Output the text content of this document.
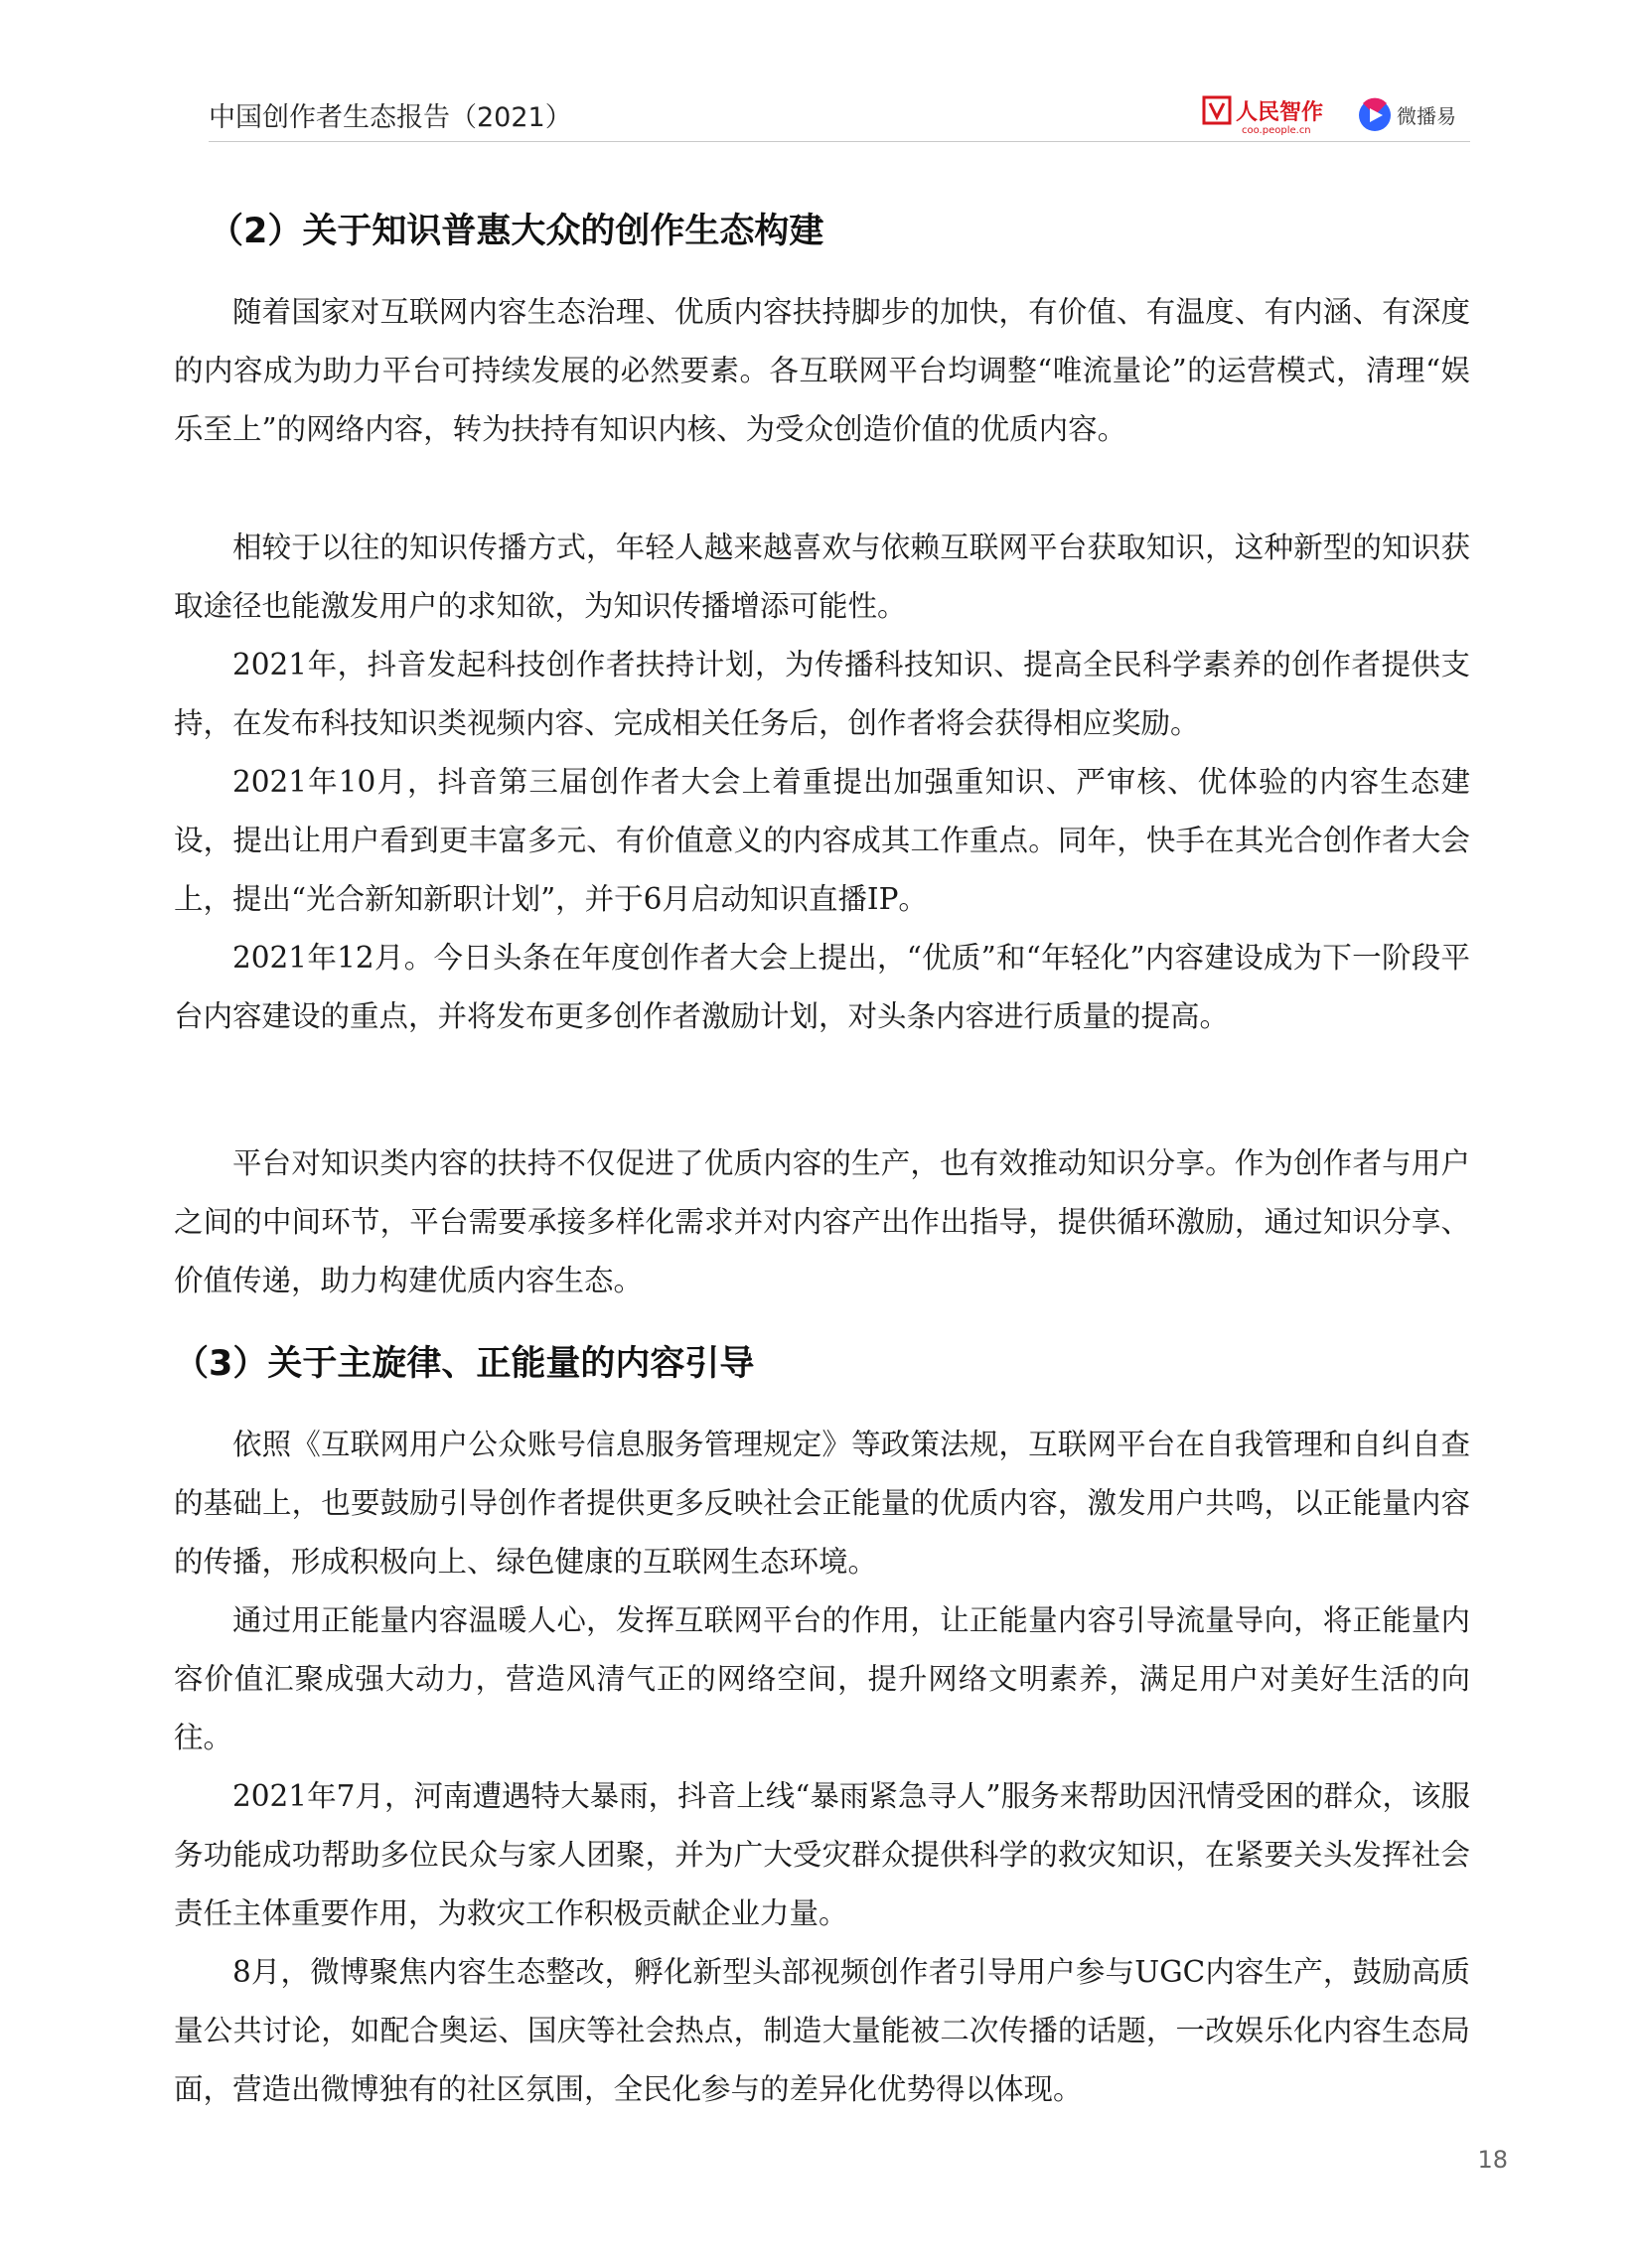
中国创作者生态报告（2021）	人民智作
coo.people.cn
微播易
（2）关于知识普惠大众的创作生态构建

随着国家对互联网内容生态治理、优质内容扶持脚步的加快，有价值、有温度、有内涵、有深度的内容成为助力平台可持续发展的必然要素。各互联网平台均调整“唯流量论”的运营模式，清理“娱乐至上”的网络内容，转为扶持有知识内核、为受众创造价值的优质内容。

相较于以往的知识传播方式，年轻人越来越喜欢与依赖互联网平台获取知识，这种新型的知识获取途径也能激发用户的求知欲，为知识传播增添可能性。

2021年，抖音发起科技创作者扶持计划，为传播科技知识、提高全民科学素养的创作者提供支持，在发布科技知识类视频内容、完成相关任务后，创作者将会获得相应奖励。

2021年10月，抖音第三届创作者大会上着重提出加强重知识、严审核、优体验的内容生态建设，提出让用户看到更丰富多元、有价值意义的内容成其工作重点。同年，快手在其光合创作者大会上，提出“光合新知新职计划”，并于6月启动知识直播IP。

2021年12月。今日头条在年度创作者大会上提出，“优质”和“年轻化”内容建设成为下一阶段平台内容建设的重点，并将发布更多创作者激励计划，对头条内容进行质量的提高。

平台对知识类内容的扶持不仅促进了优质内容的生产，也有效推动知识分享。作为创作者与用户之间的中间环节，平台需要承接多样化需求并对内容产出作出指导，提供循环激励，通过知识分享、价值传递，助力构建优质内容生态。

（3）关于主旋律、正能量的内容引导

依照《互联网用户公众账号信息服务管理规定》等政策法规，互联网平台在自我管理和自纠自查的基础上，也要鼓励引导创作者提供更多反映社会正能量的优质内容，激发用户共鸣，以正能量内容的传播，形成积极向上、绿色健康的互联网生态环境。

通过用正能量内容温暖人心，发挥互联网平台的作用，让正能量内容引导流量导向，将正能量内容价值汇聚成强大动力，营造风清气正的网络空间，提升网络文明素养，满足用户对美好生活的向往。

2021年7月，河南遭遇特大暴雨，抖音上线“暴雨紧急寻人”服务来帮助因汛情受困的群众，该服务功能成功帮助多位民众与家人团聚，并为广大受灾群众提供科学的救灾知识，在紧要关头发挥社会责任主体重要作用，为救灾工作积极贡献企业力量。

8月，微博聚焦内容生态整改，孵化新型头部视频创作者引导用户参与UGC内容生产，鼓励高质量公共讨论，如配合奥运、国庆等社会热点，制造大量能被二次传播的话题，一改娱乐化内容生态局面，营造出微博独有的社区氛围，全民化参与的差异化优势得以体现。

18
